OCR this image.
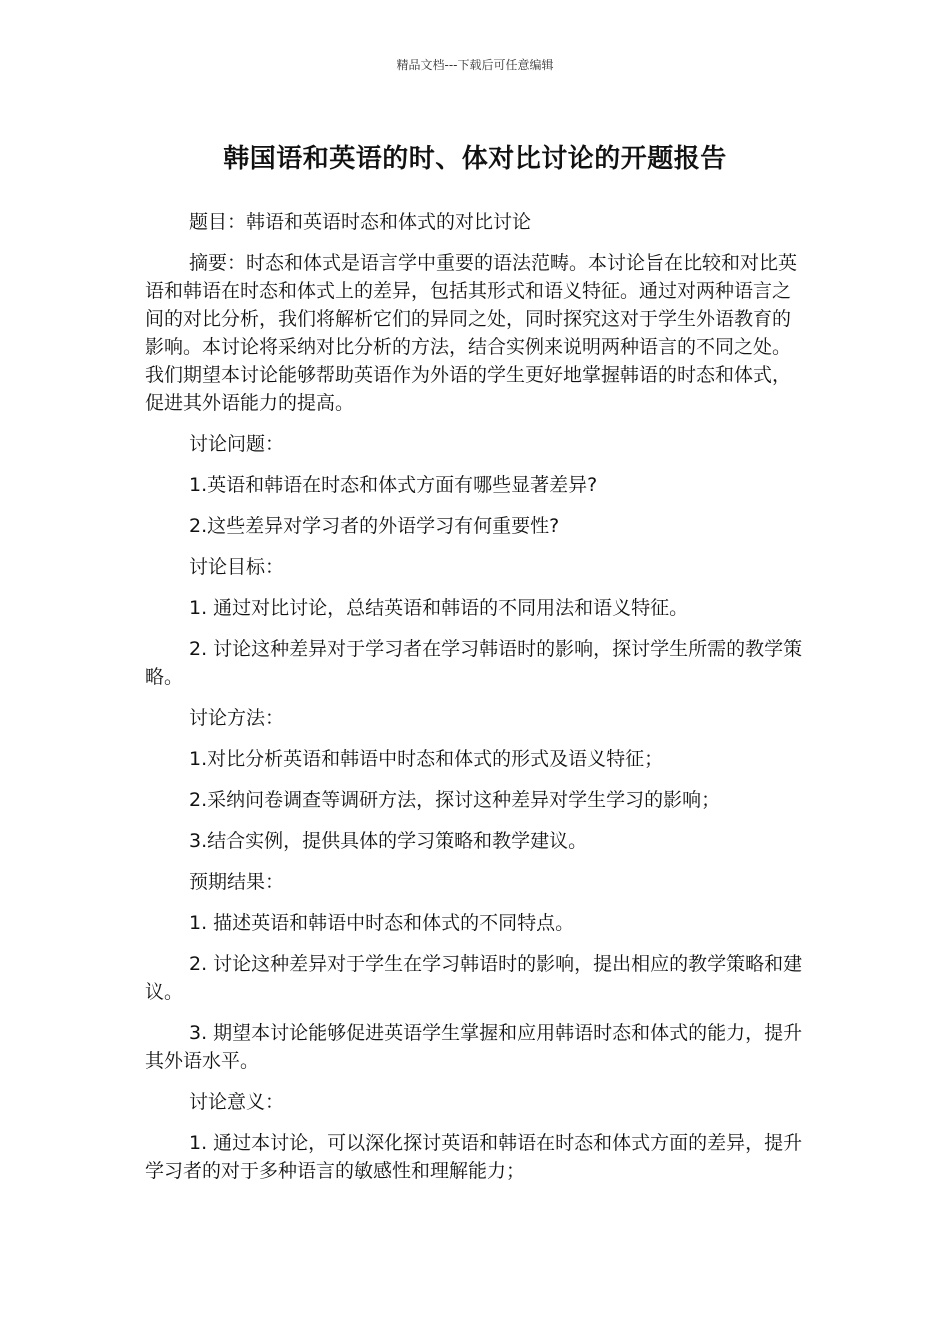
精品文档---下载后可任意编辑
韩国语和英语的时、体对比讨论的开题报告

题目：韩语和英语时态和体式的对比讨论

摘要：时态和体式是语言学中重要的语法范畴。本讨论旨在比较和对比英语和韩语在时态和体式上的差异，包括其形式和语义特征。通过对两种语言之间的对比分析，我们将解析它们的异同之处，同时探究这对于学生外语教育的影响。本讨论将采纳对比分析的方法，结合实例来说明两种语言的不同之处。我们期望本讨论能够帮助英语作为外语的学生更好地掌握韩语的时态和体式，促进其外语能力的提高。

讨论问题：

1.英语和韩语在时态和体式方面有哪些显著差异?

2.这些差异对学习者的外语学习有何重要性?

讨论目标：

1. 通过对比讨论，总结英语和韩语的不同用法和语义特征。

2. 讨论这种差异对于学习者在学习韩语时的影响，探讨学生所需的教学策略。

讨论方法：

1.对比分析英语和韩语中时态和体式的形式及语义特征；

2.采纳问卷调查等调研方法，探讨这种差异对学生学习的影响；

3.结合实例，提供具体的学习策略和教学建议。

预期结果：

1. 描述英语和韩语中时态和体式的不同特点。

2. 讨论这种差异对于学生在学习韩语时的影响，提出相应的教学策略和建议。

3. 期望本讨论能够促进英语学生掌握和应用韩语时态和体式的能力，提升其外语水平。

讨论意义：

1. 通过本讨论，可以深化探讨英语和韩语在时态和体式方面的差异，提升学习者的对于多种语言的敏感性和理解能力；
